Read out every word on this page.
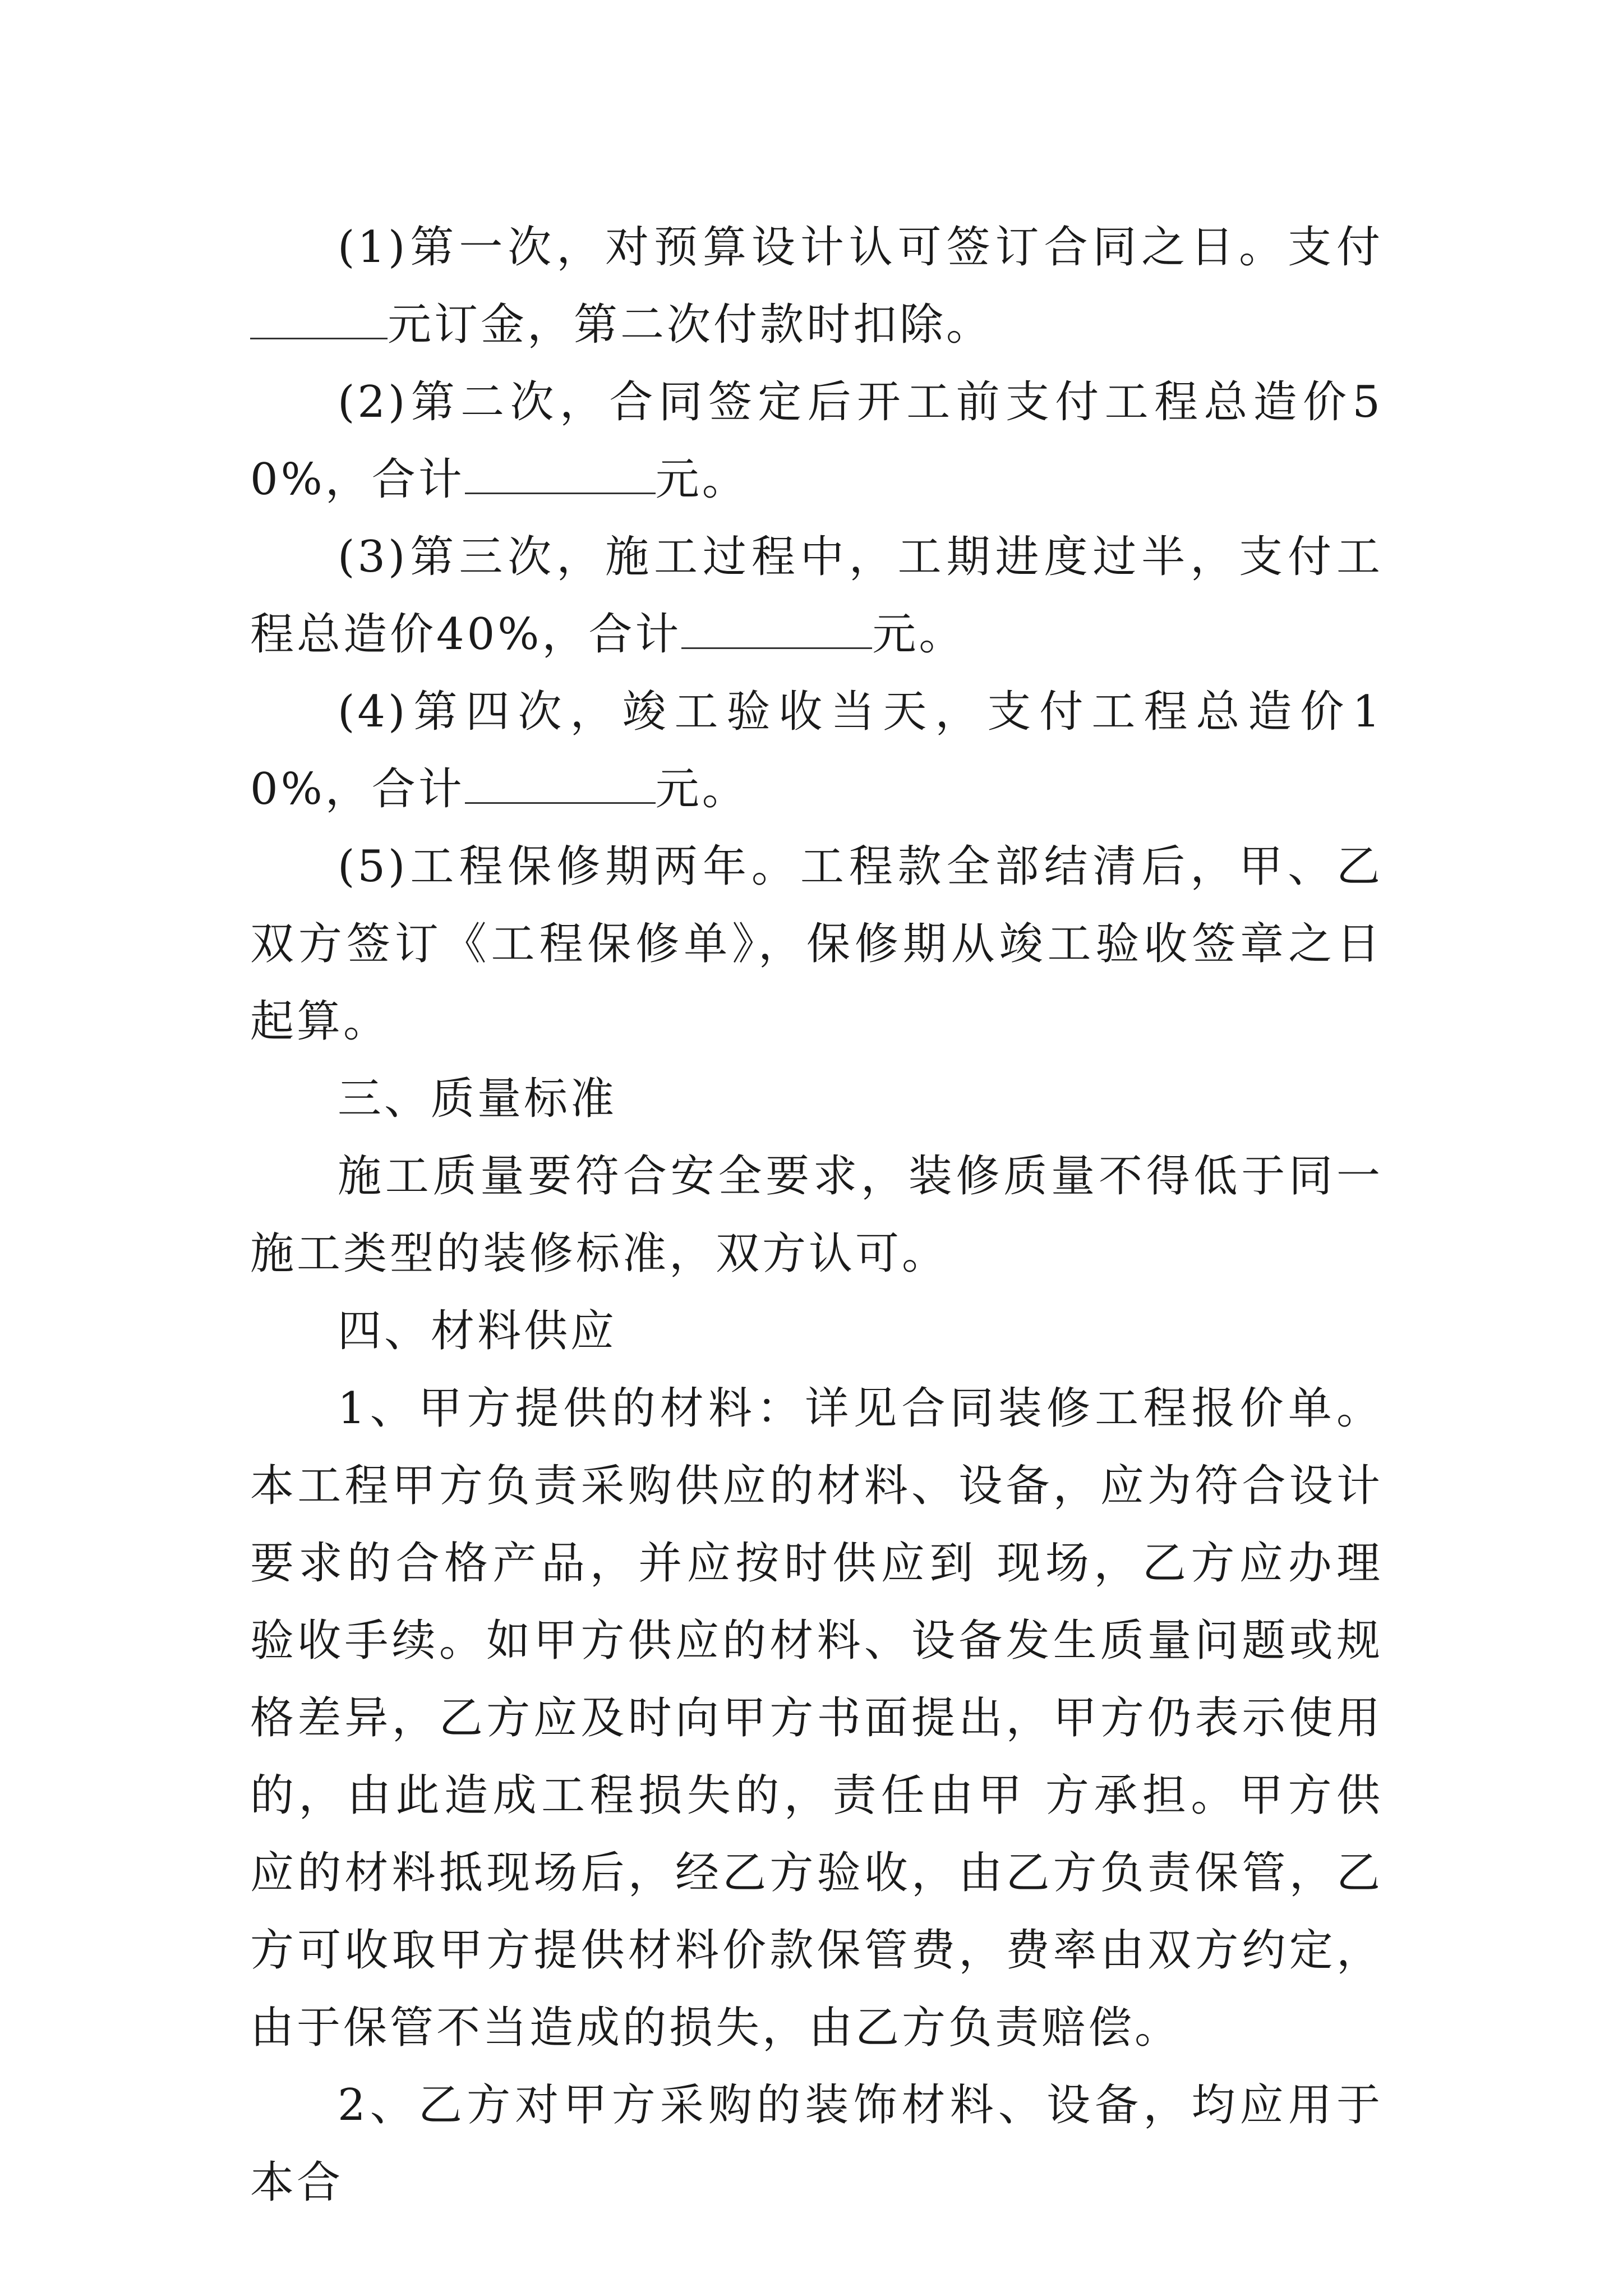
(1)第一次，对预算设计认可签订合同之日。支付元订金，第二次付款时扣除。

(2)第二次，合同签定后开工前支付工程总造价50%，合计	元。

(3)第三次，施工过程中，工期进度过半，支付工程总造价40%，合计	元。

(4)第四次，竣工验收当天，支付工程总造价10%，合计	元。

(5)工程保修期两年。工程款全部结清后，甲、乙双方签订《工程保修单》，保修期从竣工验收签章之日起算。

三、质量标准

施工质量要符合安全要求，装修质量不得低于同一施工类型的装修标准，双方认可。

四、材料供应

1、甲方提供的材料：详见合同装修工程报价单。本工程甲方负责采购供应的材料、设备，应为符合设计要求的合格产品，并应按时供应到 现场，乙方应办理验收手续。如甲方供应的材料、设备发生质量问题或规格差异，乙方应及时向甲方书面提出，甲方仍表示使用的，由此造成工程损失的，责任由甲 方承担。甲方供应的材料抵现场后，经乙方验收，由乙方负责保管，乙方可收取甲方提供材料价款保管费，费率由双方约定，由于保管不当造成的损失，由乙方负责赔偿。

2、乙方对甲方采购的装饰材料、设备，均应用于本合
